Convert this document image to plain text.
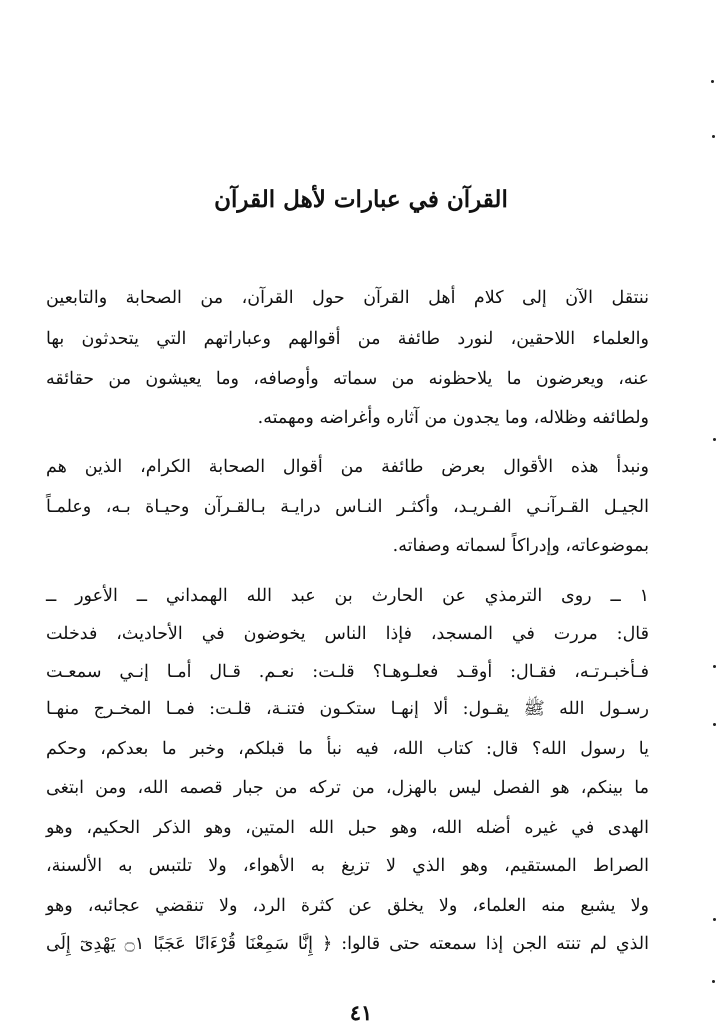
القرآن في عبارات لأهل القرآن
ننتقل الآن إلى كلام أهل القرآن حول القرآن، من الصحابة والتابعين
والعلماء اللاحقين، لنورد طائفة من أقوالهم وعباراتهم التي يتحدثون بها
عنه، ويعرضون ما يلاحظونه من سماته وأوصافه، وما يعيشون من حقائقه
ولطائفه وظلاله، وما يجدون من آثاره وأغراضه ومهمته.
ونبدأ هذه الأقوال بعرض طائفة من أقوال الصحابة الكرام، الذين هم
الجيـل القـرآنـي الفـريـد، وأكثـر النـاس درايـة بـالقـرآن وحيـاة بـه، وعلمـاً
بموضوعاته، وإدراكاً لسماته وصفاته.
١ ــ روى الترمذي عن الحارث بن عبد الله الهمداني ــ الأعور ــ
قال: مررت في المسجد، فإذا الناس يخوضون في الأحاديث، فدخلت
فـأخبـرتـه، فقـال: أوقـد فعلـوهـا؟ قلـت: نعـم. قـال أمـا إنـي سمعـت
رسـول الله ﷺ يقـول: ألا إنهـا ستكـون فتنـة، قلـت: فمـا المخـرج منهـا
يا رسول الله؟ قال: كتاب الله، فيه نبأ ما قبلكم، وخبر ما بعدكم، وحكم
ما بينكم، هو الفصل ليس بالهزل، من تركه من جبار قصمه الله، ومن ابتغى
الهدى في غيره أضله الله، وهو حبل الله المتين، وهو الذكر الحكيم، وهو
الصراط المستقيم، وهو الذي لا تزيغ به الأهواء، ولا تلتبس به الألسنة،
ولا يشبع منه العلماء، ولا يخلق عن كثرة الرد، ولا تنقضي عجائبه، وهو
الذي لم تنته الجن إذا سمعته حتى قالوا: ﴿ إِنَّا سَمِعْنَا قُرْءَانًا عَجَبًا ۝١ يَهْدِىٓ إِلَى
٤١
